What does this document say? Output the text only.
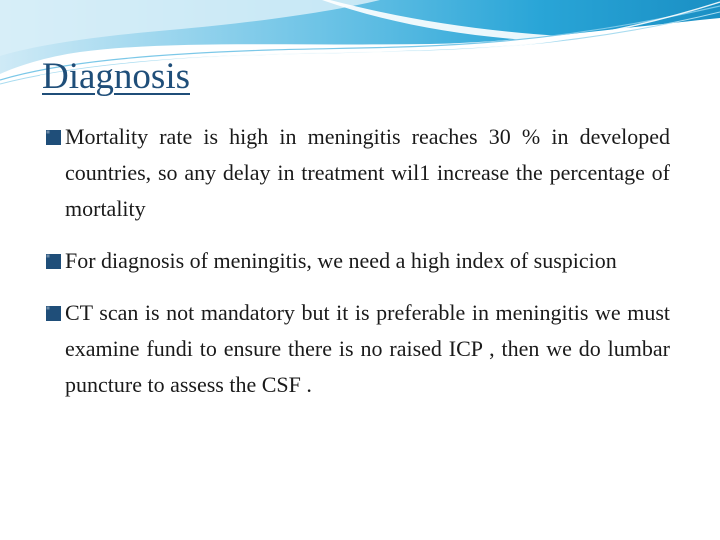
Diagnosis
Mortality rate is high in meningitis reaches 30 % in developed countries, so any delay in treatment wil1 increase the percentage of mortality
For diagnosis of meningitis, we need a high index of suspicion
CT scan is not mandatory but it is preferable in meningitis we must examine fundi to ensure there is no raised ICP , then we do lumbar puncture to assess the CSF .
